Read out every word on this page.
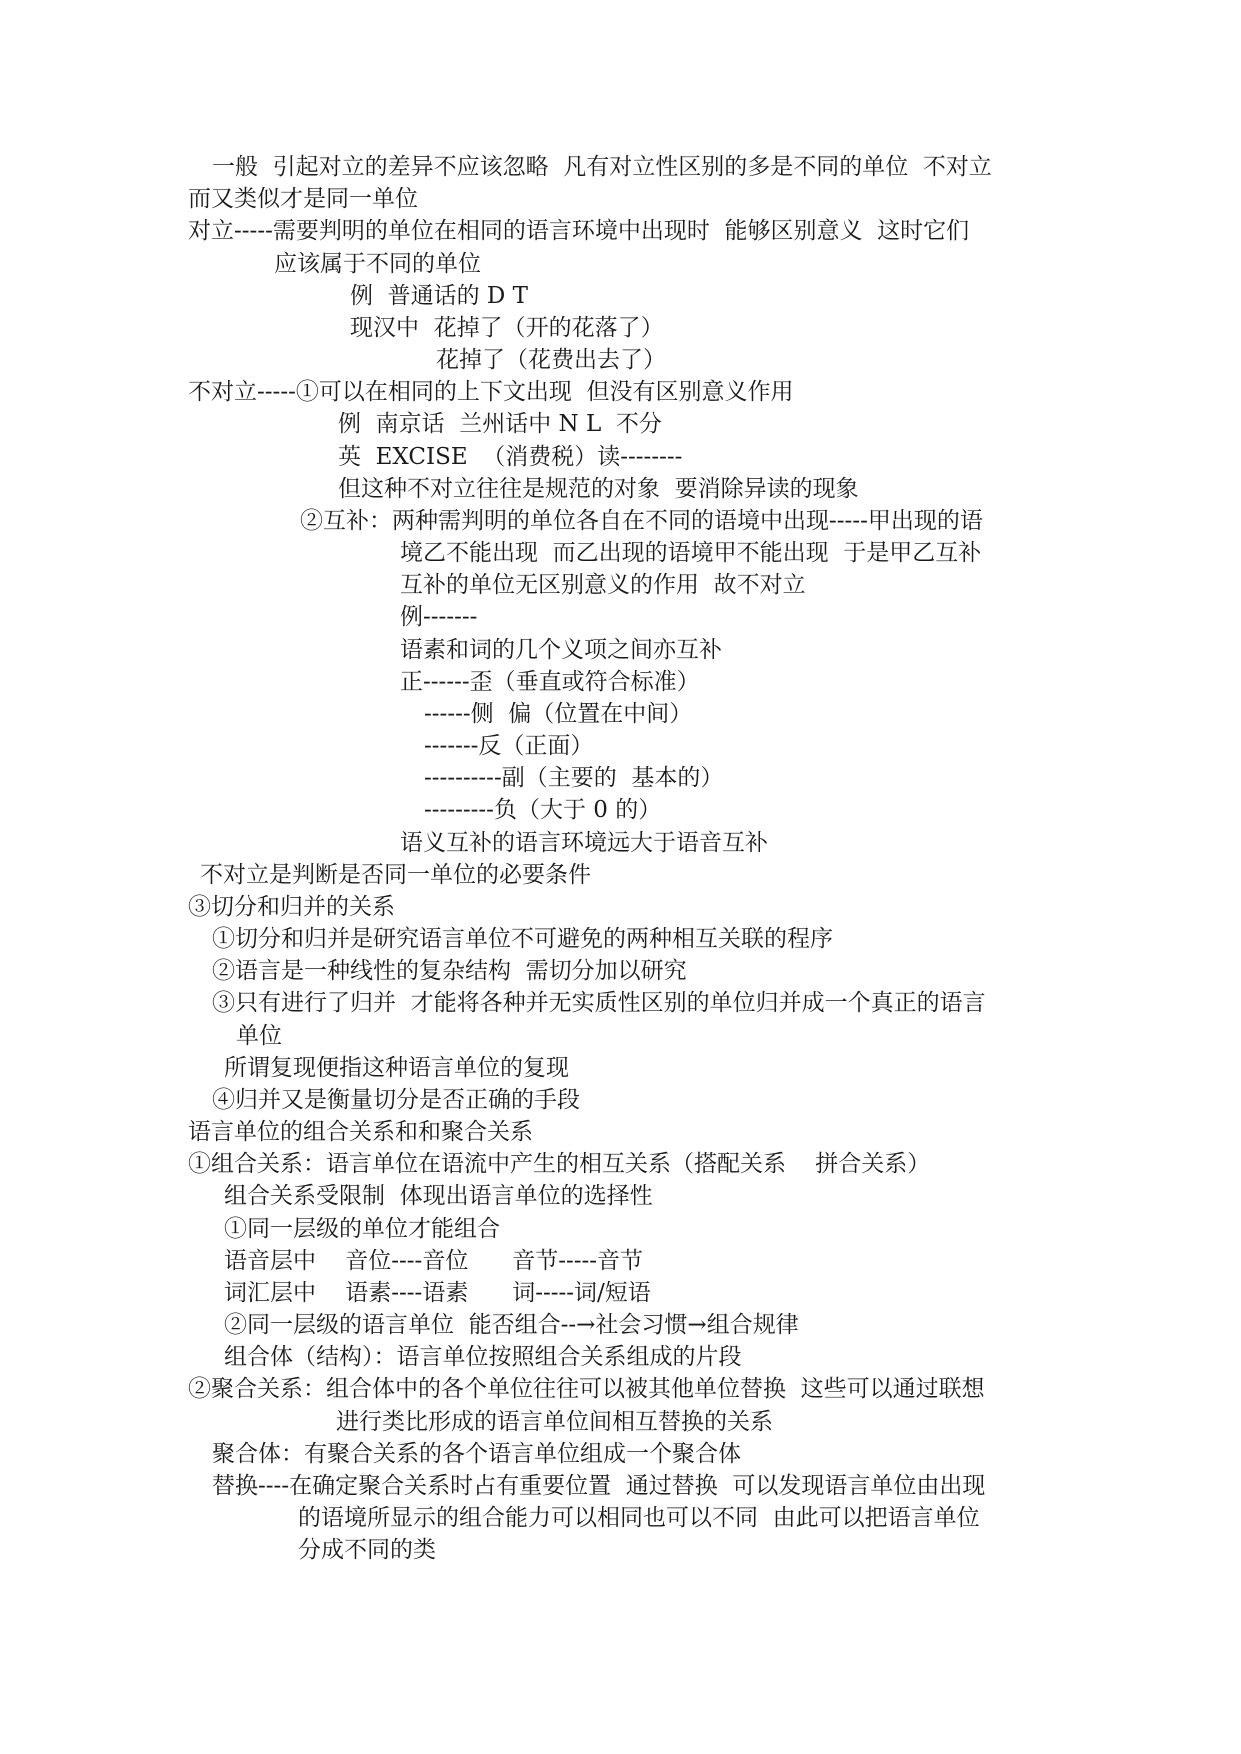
一般  引起对立的差异不应该忽略  凡有对立性区别的多是不同的单位  不对立
而又类似才是同一单位
对立-----需要判明的单位在相同的语言环境中出现时  能够区别意义  这时它们
应该属于不同的单位
例  普通话的 D T
现汉中  花掉了（开的花落了）
花掉了（花费出去了）
不对立-----①可以在相同的上下文出现  但没有区别意义作用
例  南京话  兰州话中 N L  不分
英  EXCISE  （消费税）读--------
但这种不对立往往是规范的对象  要消除异读的现象
②互补：两种需判明的单位各自在不同的语境中出现-----甲出现的语
境乙不能出现  而乙出现的语境甲不能出现  于是甲乙互补
互补的单位无区别意义的作用  故不对立
例-------
语素和词的几个义项之间亦互补
正------歪（垂直或符合标准）
------侧  偏（位置在中间）
-------反（正面）
----------副（主要的  基本的）
---------负（大于 0 的）
语义互补的语言环境远大于语音互补
不对立是判断是否同一单位的必要条件
③切分和归并的关系
①切分和归并是研究语言单位不可避免的两种相互关联的程序
②语言是一种线性的复杂结构  需切分加以研究
③只有进行了归并  才能将各种并无实质性区别的单位归并成一个真正的语言
单位
所谓复现便指这种语言单位的复现
④归并又是衡量切分是否正确的手段
语言单位的组合关系和和聚合关系
①组合关系：语言单位在语流中产生的相互关系（搭配关系    拼合关系）
组合关系受限制  体现出语言单位的选择性
①同一层级的单位才能组合
语音层中    音位----音位      音节-----音节
词汇层中    语素----语素      词-----词/短语
②同一层级的语言单位  能否组合--→社会习惯→组合规律
组合体（结构）：语言单位按照组合关系组成的片段
②聚合关系：组合体中的各个单位往往可以被其他单位替换  这些可以通过联想
进行类比形成的语言单位间相互替换的关系
聚合体：有聚合关系的各个语言单位组成一个聚合体
替换----在确定聚合关系时占有重要位置  通过替换  可以发现语言单位由出现
的语境所显示的组合能力可以相同也可以不同  由此可以把语言单位
分成不同的类
